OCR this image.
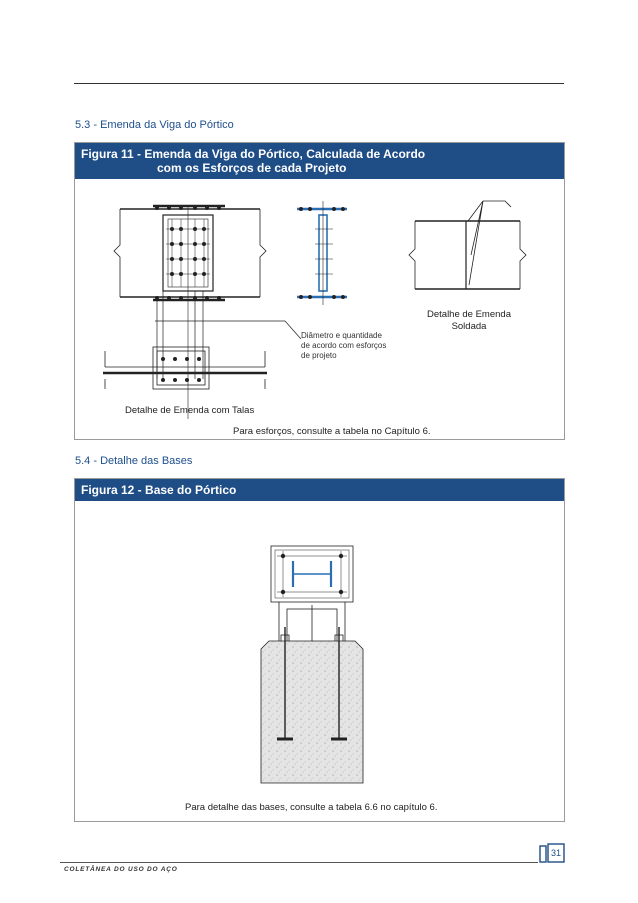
5.3 - Emenda da Viga do Pórtico
Figura 11 - Emenda da Viga do Pórtico, Calculada de Acordo
com os Esforços de cada Projeto
Diâmetro e quantidade
de acordo com esforços
de projeto
Detalhe de Emenda
Soldada
Detalhe de Emenda com Talas
Para esforços, consulte a tabela no Capítulo 6.
5.4 - Detalhe das Bases
Figura 12 - Base do Pórtico
Para detalhe das bases, consulte a tabela 6.6 no capítulo 6.
31
COLETÂNEA DO USO DO AÇO
